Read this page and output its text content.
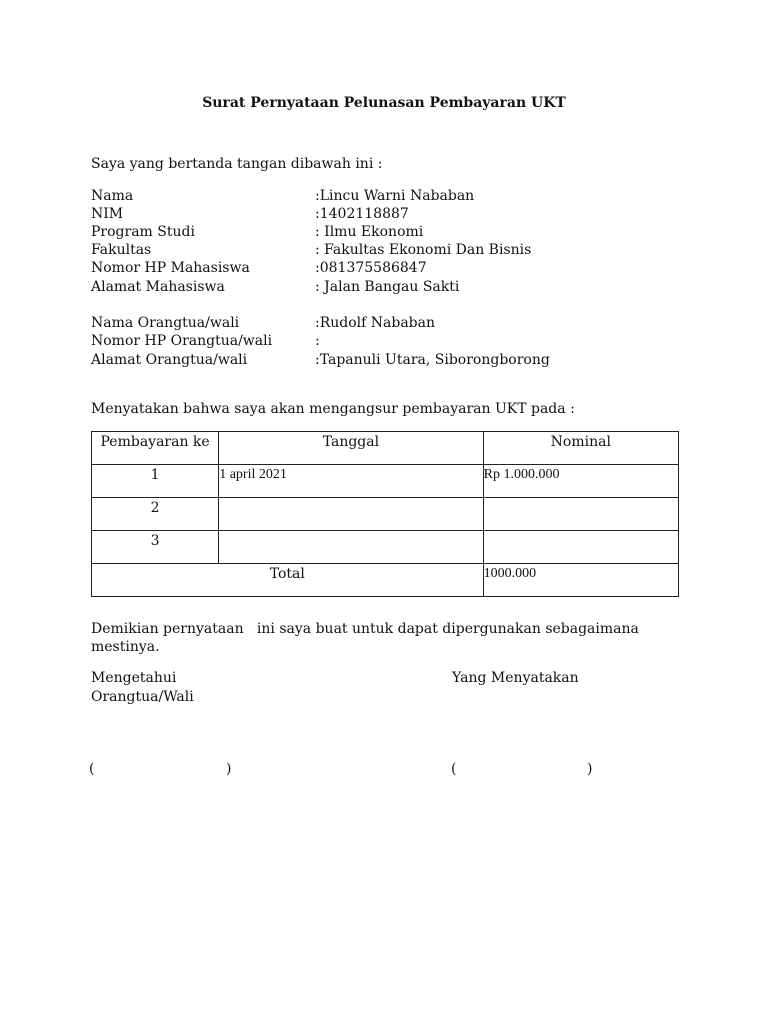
Surat Pernyataan Pelunasan Pembayaran UKT
Saya yang bertanda tangan dibawah ini :
Nama	:Lincu Warni Nababan
NIM	:1402118887
Program Studi	: Ilmu Ekonomi
Fakultas	: Fakultas Ekonomi Dan Bisnis
Nomor HP Mahasiswa	:081375586847
Alamat Mahasiswa	: Jalan Bangau Sakti
Nama Orangtua/wali	:Rudolf Nababan
Nomor HP Orangtua/wali	:
Alamat Orangtua/wali	:Tapanuli Utara, Siborongborong
Menyatakan bahwa saya akan mengangsur pembayaran UKT pada :
Pembayaran ke	Tanggal	Nominal
1	1 april 2021	Rp 1.000.000
2		
3		
Total		1000.000
Demikian pernyataan   ini saya buat untuk dapat dipergunakan sebagaimana
mestinya.
Mengetahui
Orangtua/Wali
Yang Menyatakan
(	)	(	)
